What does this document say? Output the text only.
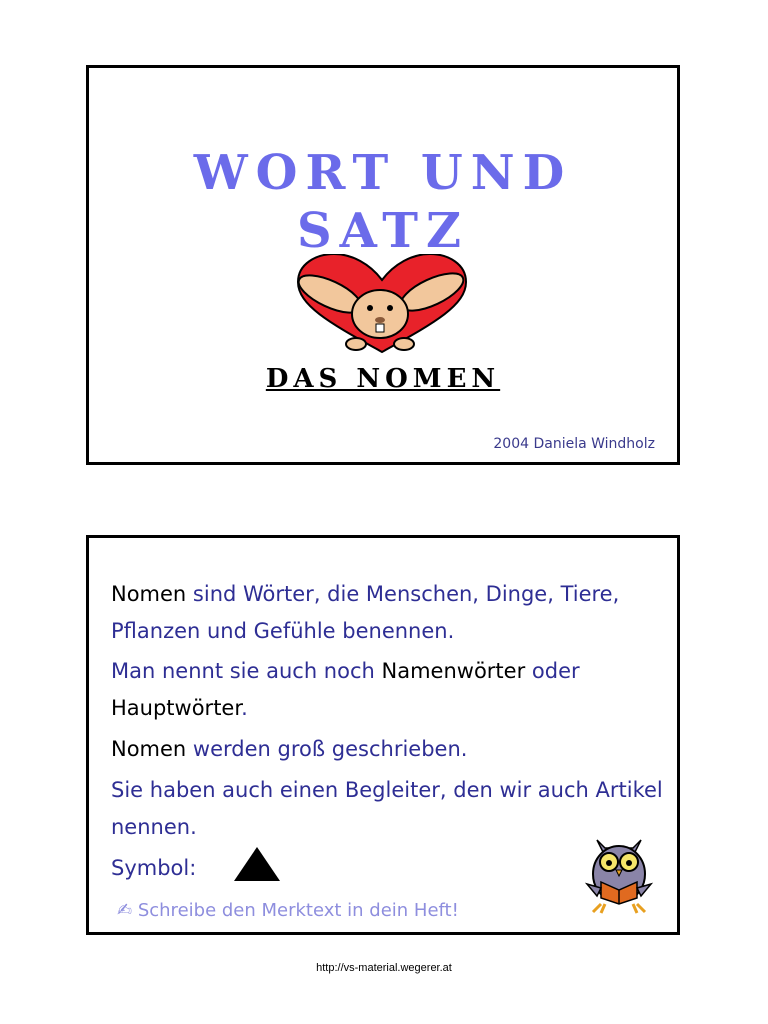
WORT UND
SATZ
DAS NOMEN
2004 Daniela Windholz
Nomen sind Wörter, die Menschen, Dinge, Tiere, Pflanzen und Gefühle benennen.
Man nennt sie auch noch Namenwörter oder Hauptwörter.
Nomen werden groß geschrieben.
Sie haben auch einen Begleiter, den wir auch Artikel nennen.
Symbol:
✍ Schreibe den Merktext in dein Heft!
http://vs-material.wegerer.at
